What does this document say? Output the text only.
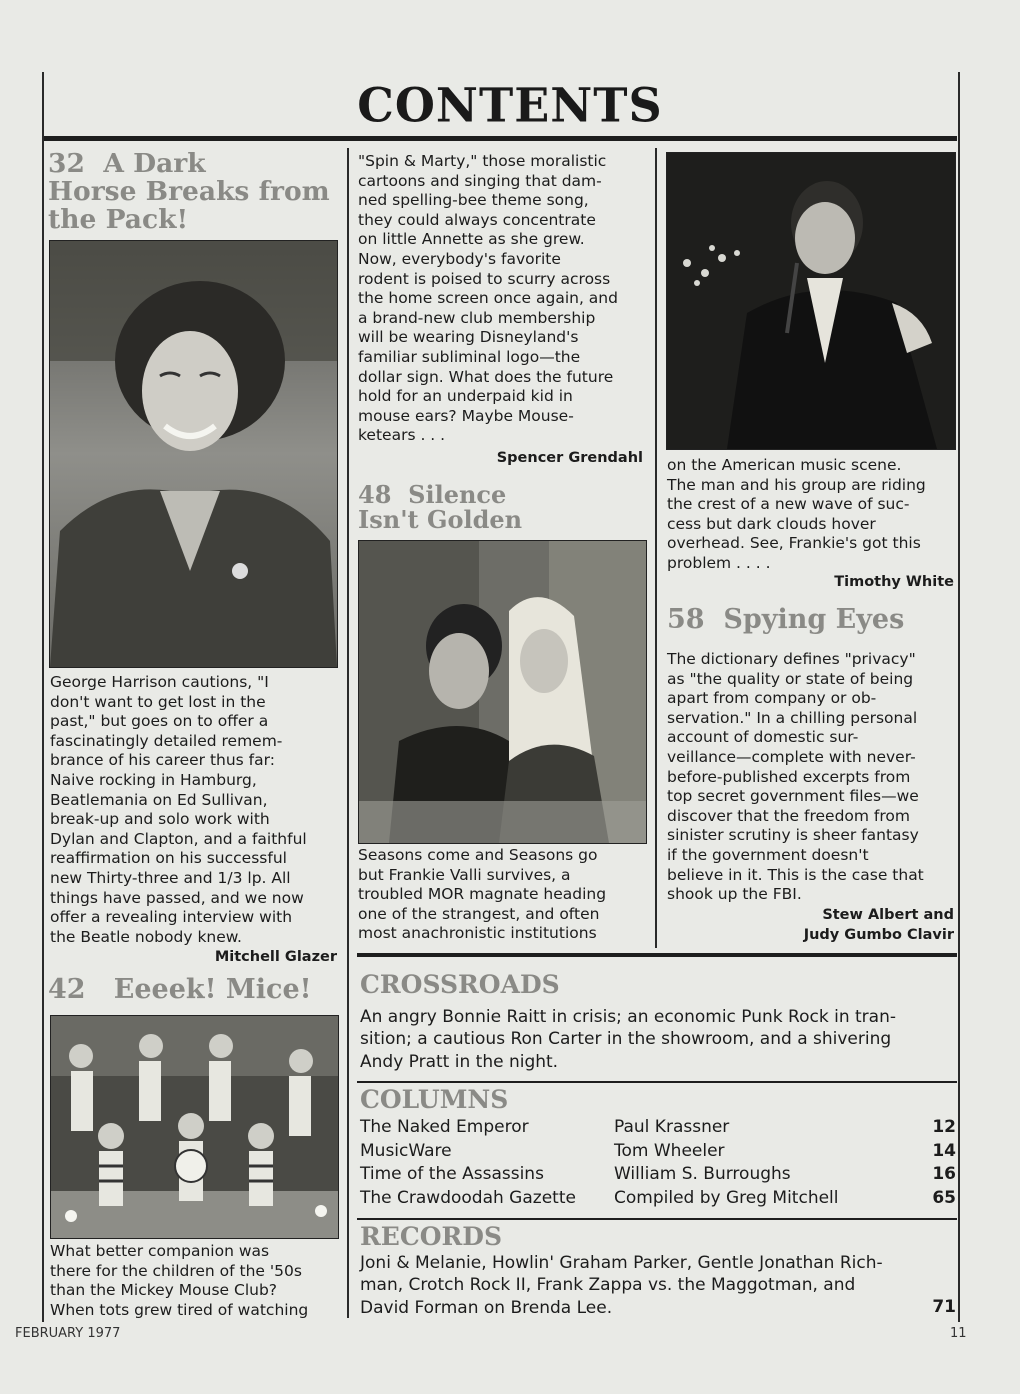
CONTENTS
32 A Dark
Horse Breaks from
the Pack!
George Harrison cautions, "I
don't want to get lost in the
past," but goes on to offer a
fascinatingly detailed remem-
brance of his career thus far:
Naive rocking in Hamburg,
Beatlemania on Ed Sullivan,
break-up and solo work with
Dylan and Clapton, and a faithful
reaffirmation on his successful
new Thirty-three and 1/3 lp. All
things have passed, and we now
offer a revealing interview with
the Beatle nobody knew.
Mitchell Glazer
42 Eeeek! Mice!
What better companion was
there for the children of the '50s
than the Mickey Mouse Club?
When tots grew tired of watching
"Spin & Marty," those moralistic
cartoons and singing that dam-
ned spelling-bee theme song,
they could always concentrate
on little Annette as she grew.
Now, everybody's favorite
rodent is poised to scurry across
the home screen once again, and
a brand-new club membership
will be wearing Disneyland's
familiar subliminal logo—the
dollar sign. What does the future
hold for an underpaid kid in
mouse ears? Maybe Mouse-
ketears . . .
Spencer Grendahl
48 Silence
Isn't Golden
Seasons come and Seasons go
but Frankie Valli survives, a
troubled MOR magnate heading
one of the strangest, and often
most anachronistic institutions
on the American music scene.
The man and his group are riding
the crest of a new wave of suc-
cess but dark clouds hover
overhead. See, Frankie's got this
problem . . . .
Timothy White
58 Spying Eyes
The dictionary defines "privacy"
as "the quality or state of being
apart from company or ob-
servation." In a chilling personal
account of domestic sur-
veillance—complete with never-
before-published excerpts from
top secret government files—we
discover that the freedom from
sinister scrutiny is sheer fantasy
if the government doesn't
believe in it. This is the case that
shook up the FBI.
Stew Albert and
Judy Gumbo Clavir
CROSSROADS
An angry Bonnie Raitt in crisis; an economic Punk Rock in tran-
sition; a cautious Ron Carter in the showroom, and a shivering
Andy Pratt in the night.
COLUMNS
The Naked Emperor	Paul Krassner	12
MusicWare	Tom Wheeler	14
Time of the Assassins	William S. Burroughs	16
The Crawdoodah Gazette	Compiled by Greg Mitchell	65
RECORDS
Joni & Melanie, Howlin' Graham Parker, Gentle Jonathan Rich-
man, Crotch Rock II, Frank Zappa vs. the Maggotman, and
David Forman on Brenda Lee.	71
FEBRUARY 1977	11
